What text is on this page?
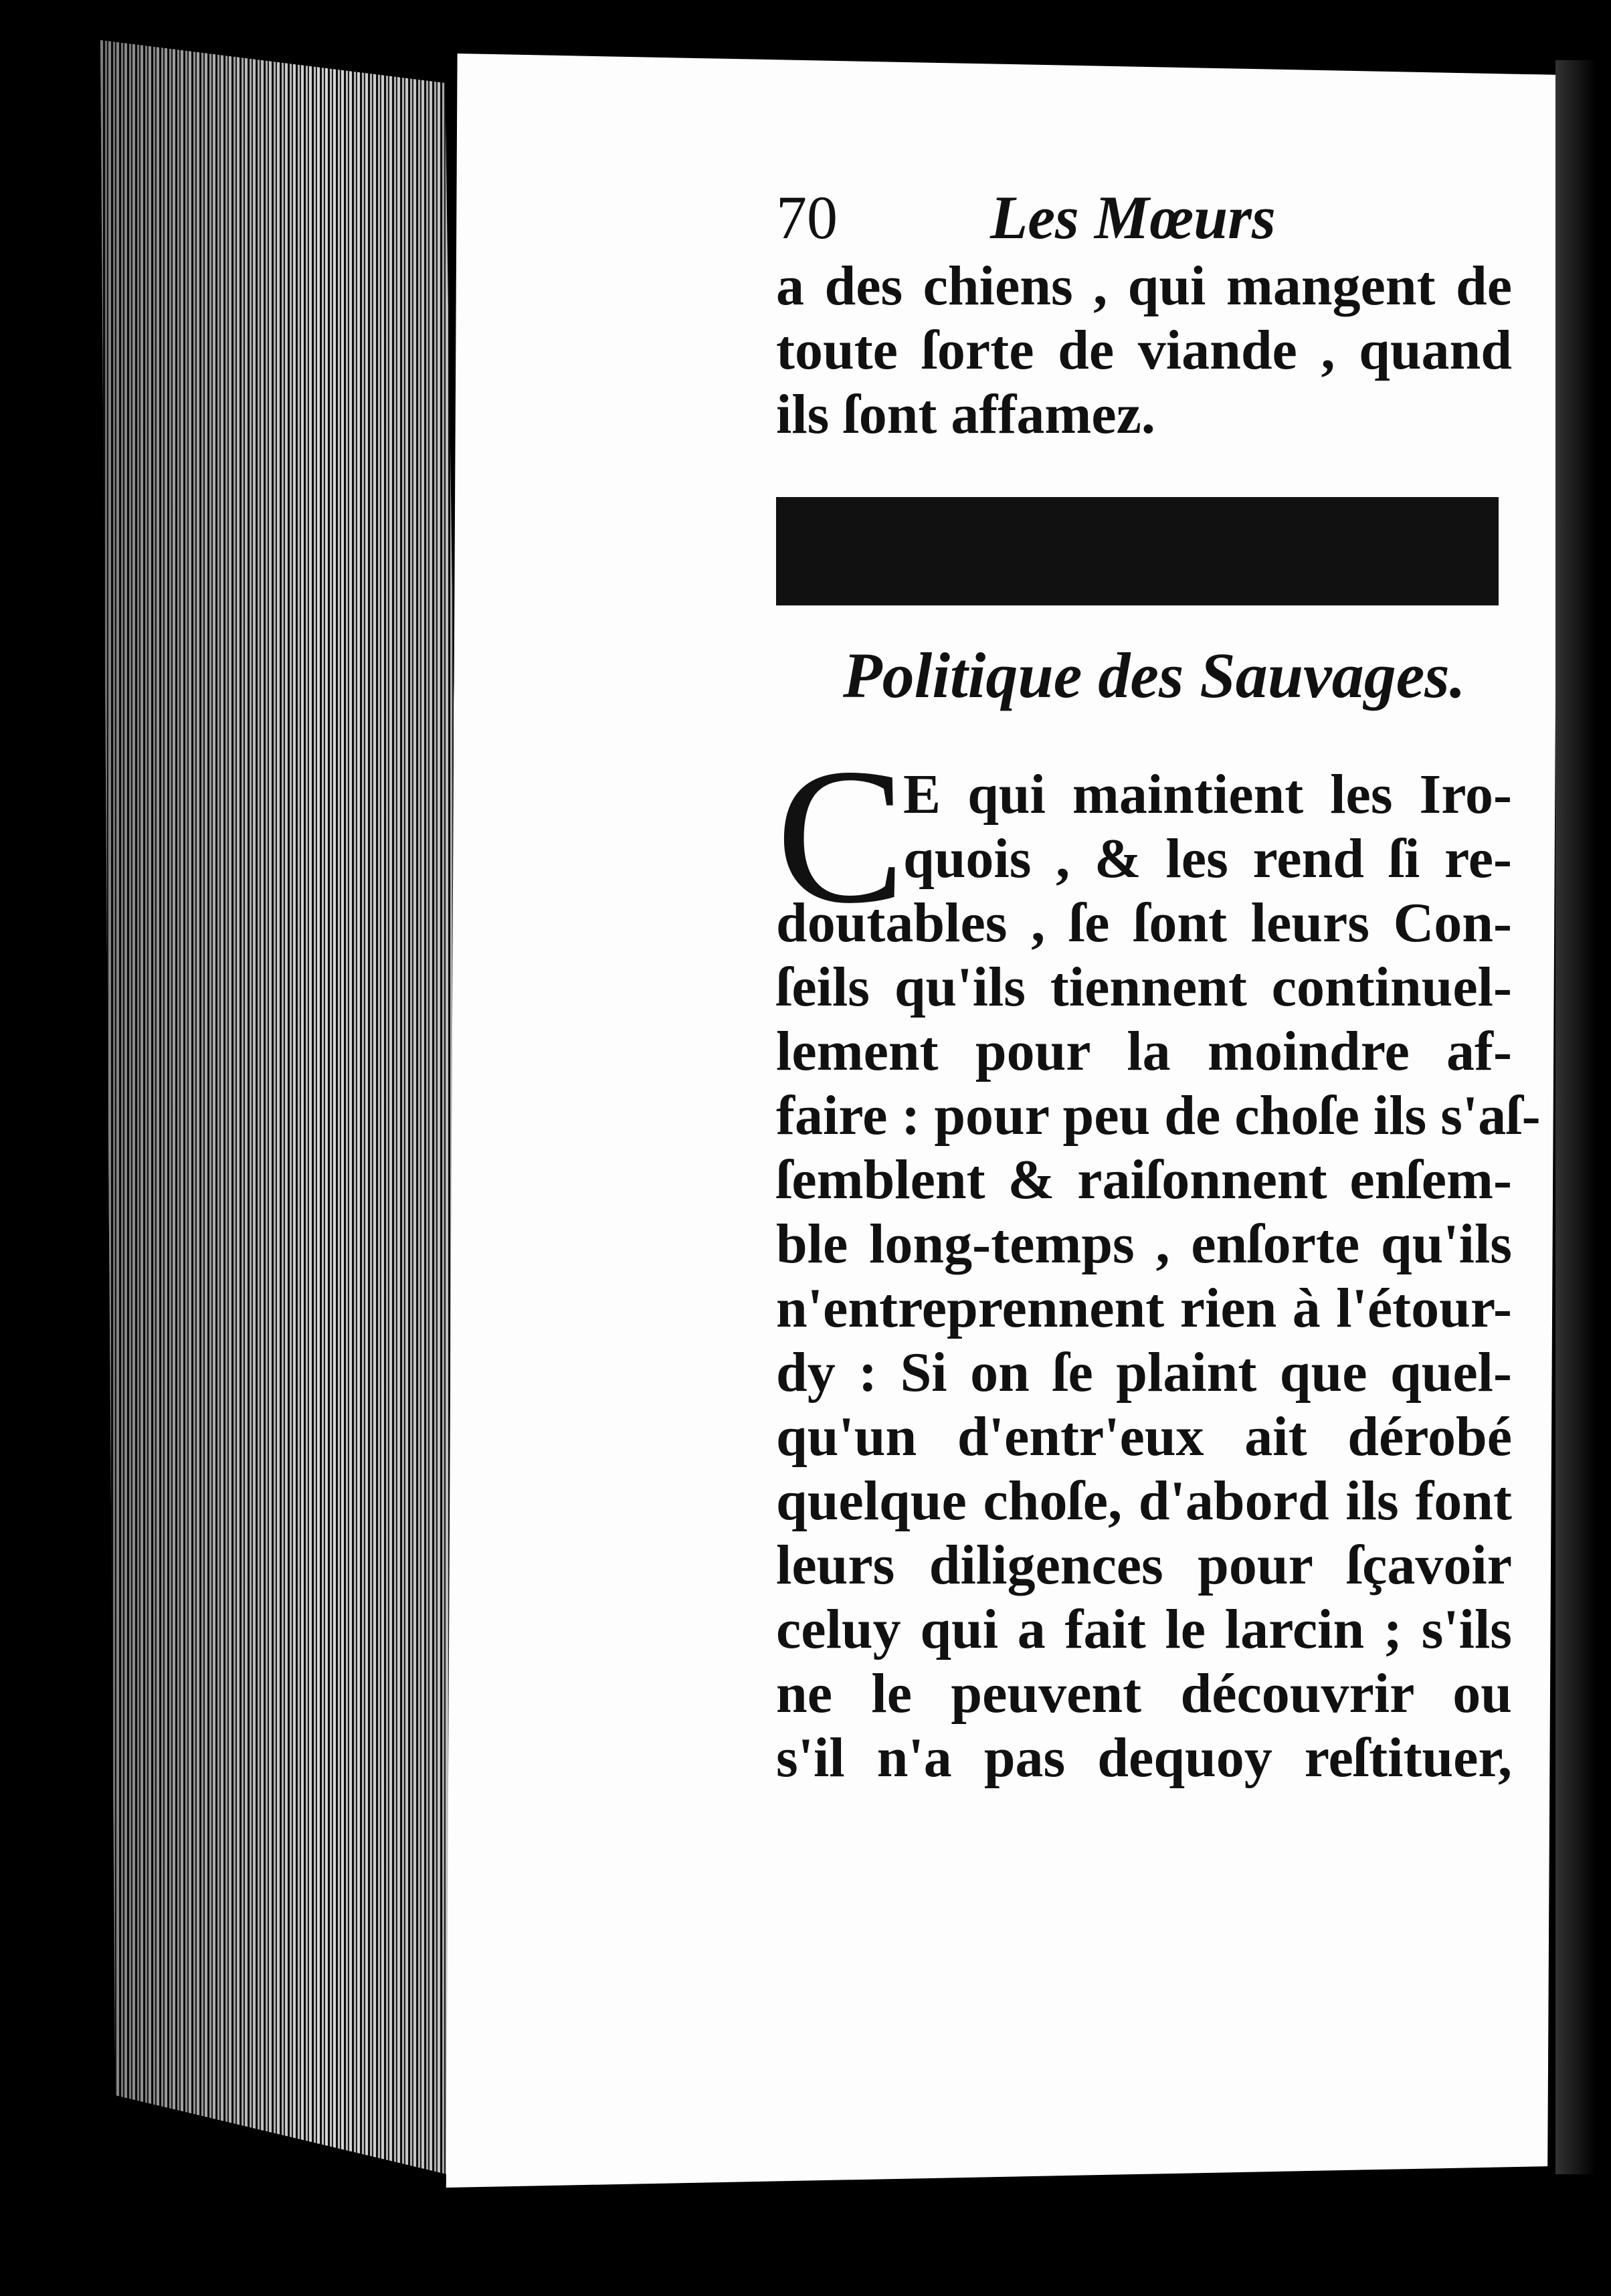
70 Les Mœurs
a des chiens , qui mangent de
toute ſorte de viande , quand
ils ſont affamez.
Politique des Sauvages.
C
E qui maintient les Iro-
quois , & les rend ſi re-
doutables , ſe ſont leurs Con-
ſeils qu'ils tiennent continuel-
lement pour la moindre af-
faire : pour peu de choſe ils s'aſ-
ſemblent & raiſonnent enſem-
ble long-temps , enſorte qu'ils
n'entreprennent rien à l'étour-
dy : Si on ſe plaint que quel-
qu'un d'entr'eux ait dérobé
quelque choſe, d'abord ils font
leurs diligences pour ſçavoir
celuy qui a fait le larcin ; s'ils
ne le peuvent découvrir ou
s'il n'a pas dequoy reſtituer,
